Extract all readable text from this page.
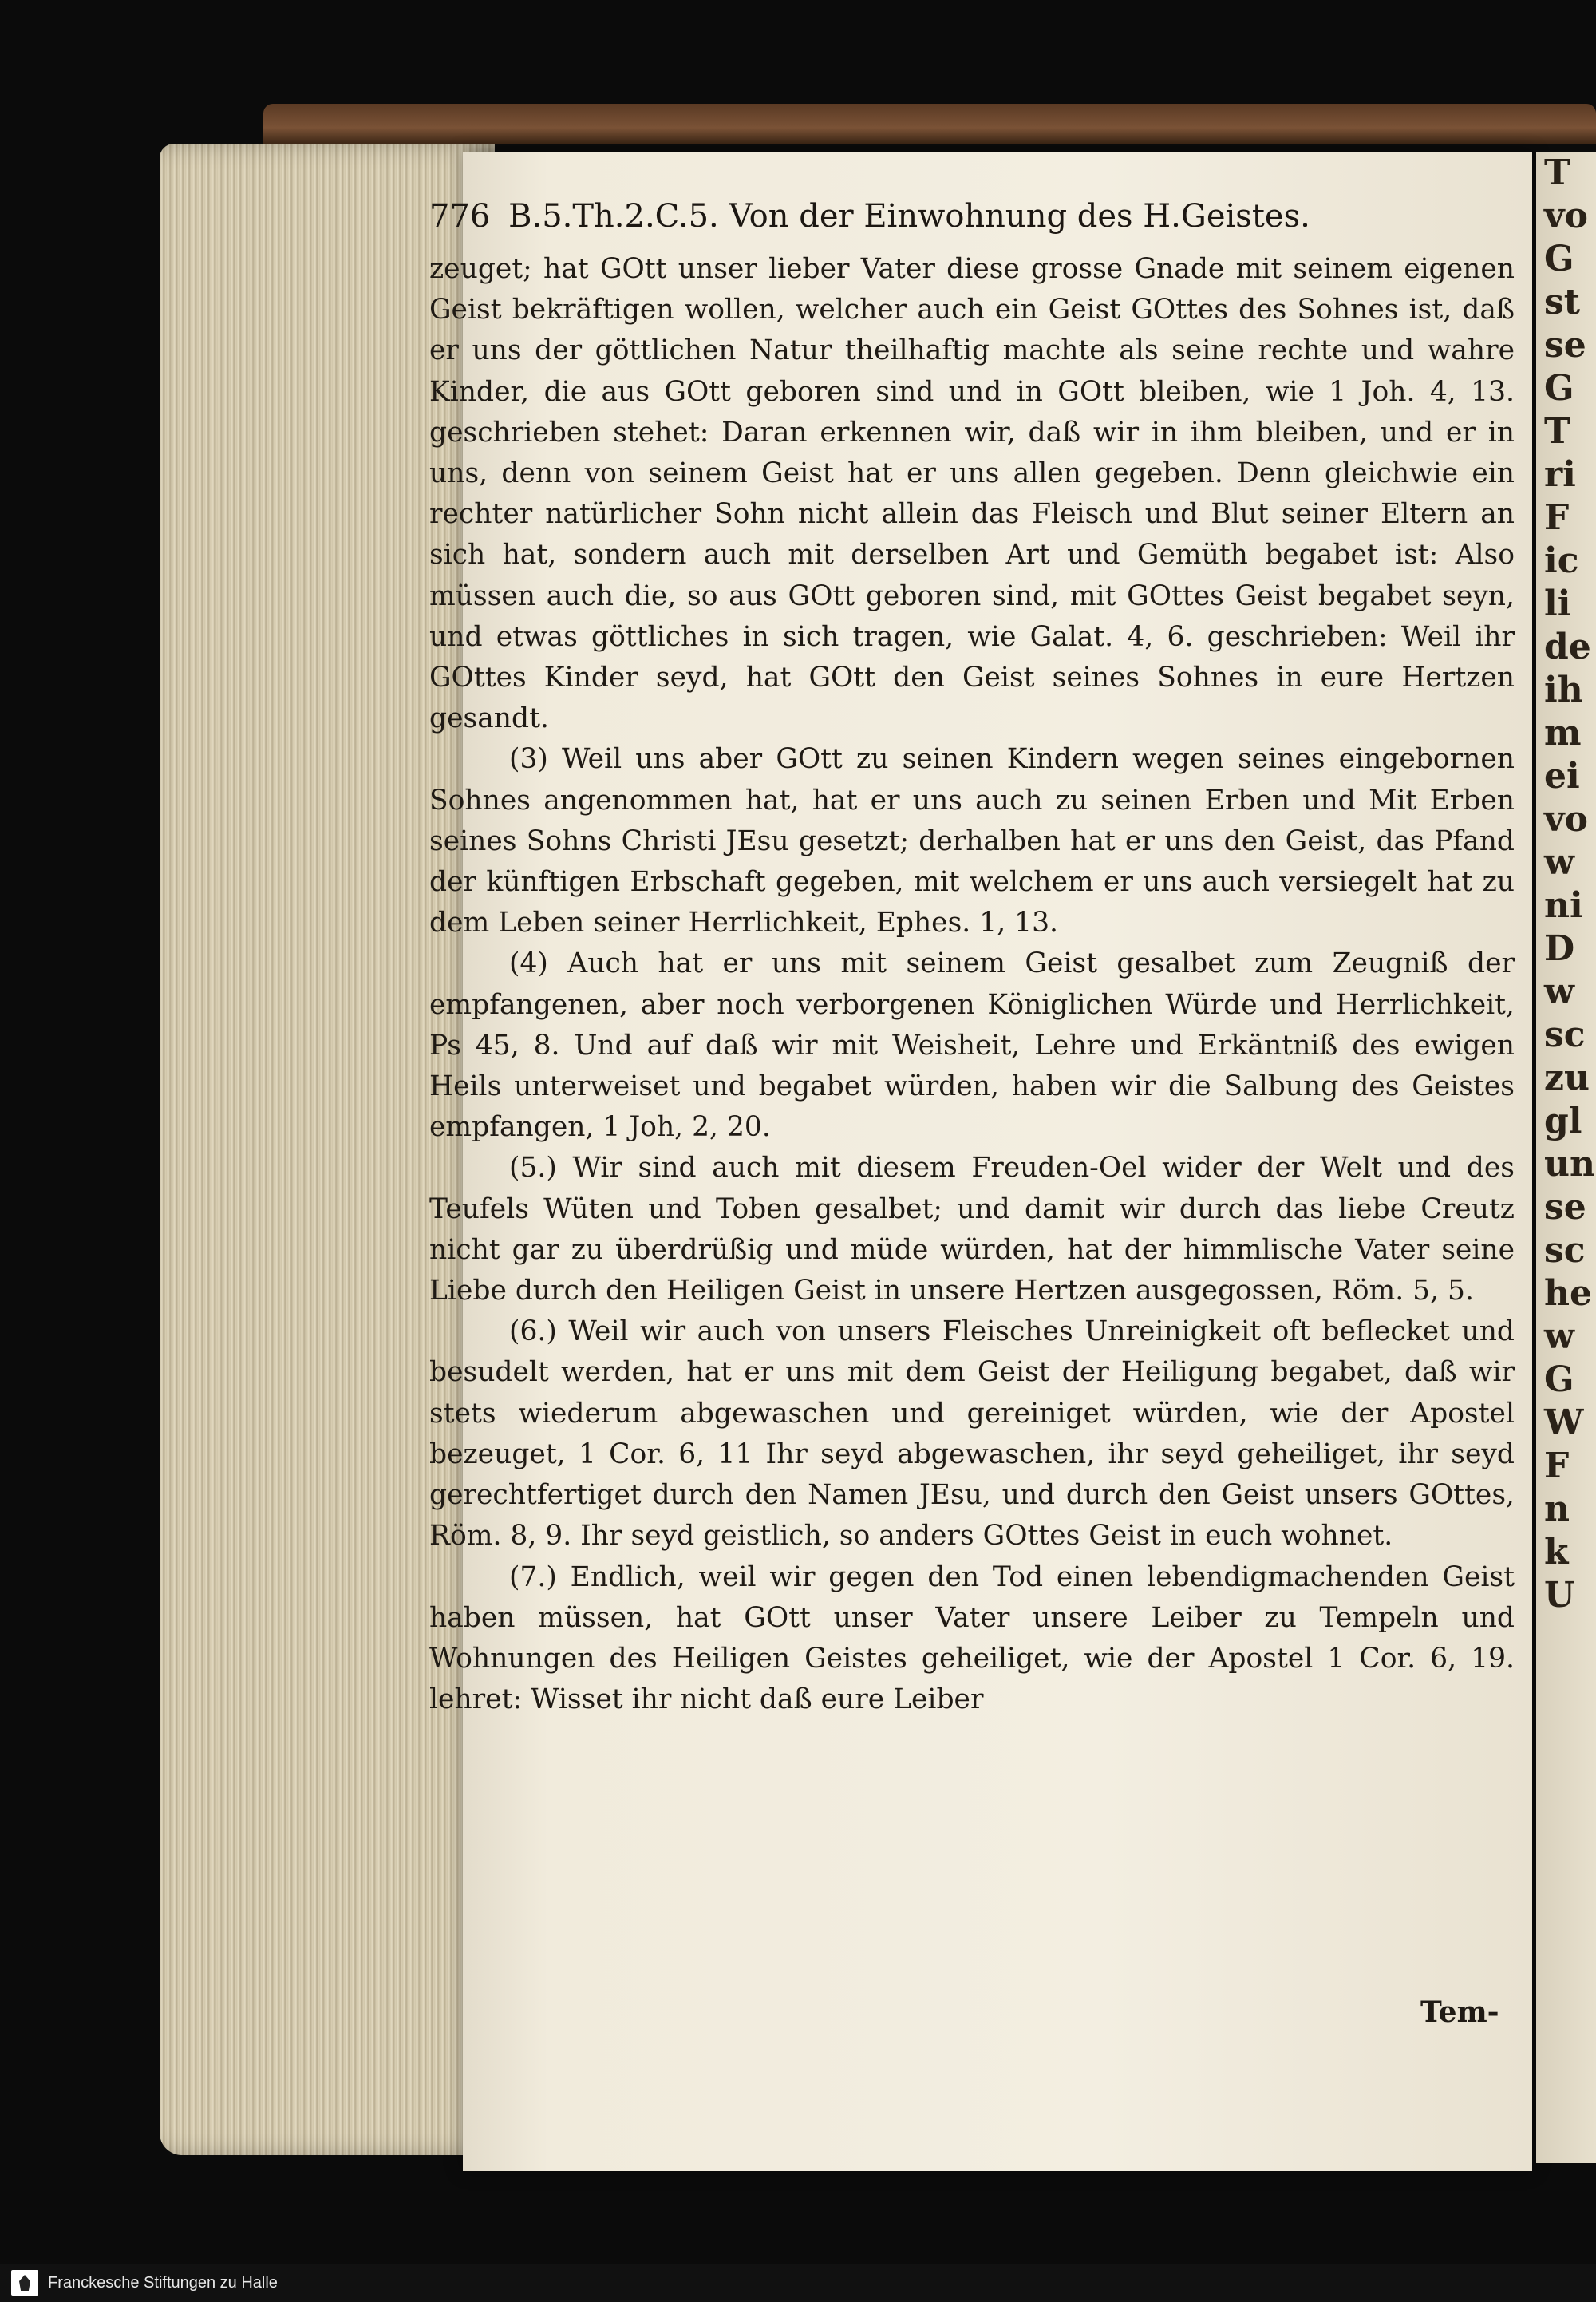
T
vo
G
st
se
G
T
ri
F
ic
li
de
ih
m
ei
vo
w
ni
D
w
sc
zu
gl
un
se
sc
he
w
G
W
F
n
k
U
776 B.5.Th.2.C.5. Von der Einwohnung des H.Geistes.

zeuget; hat GOtt unser lieber Vater diese grosse Gnade mit seinem eigenen Geist bekräftigen wollen, welcher auch ein Geist GOttes des Sohnes ist, daß er uns der göttlichen Natur theilhaftig machte als seine rechte und wahre Kinder, die aus GOtt geboren sind und in GOtt bleiben, wie 1 Joh. 4, 13. geschrieben stehet: Daran erkennen wir, daß wir in ihm bleiben, und er in uns, denn von seinem Geist hat er uns allen gegeben. Denn gleichwie ein rechter natürlicher Sohn nicht allein das Fleisch und Blut seiner Eltern an sich hat, sondern auch mit derselben Art und Gemüth begabet ist: Also müssen auch die, so aus GOtt geboren sind, mit GOttes Geist begabet seyn, und etwas göttliches in sich tragen, wie Galat. 4, 6. geschrieben: Weil ihr GOttes Kinder seyd, hat GOtt den Geist seines Sohnes in eure Hertzen gesandt.

(3) Weil uns aber GOtt zu seinen Kindern wegen seines eingebornen Sohnes angenommen hat, hat er uns auch zu seinen Erben und Mit Erben seines Sohns Christi JEsu gesetzt; derhalben hat er uns den Geist, das Pfand der künftigen Erbschaft gegeben, mit welchem er uns auch versiegelt hat zu dem Leben seiner Herrlichkeit, Ephes. 1, 13.

(4) Auch hat er uns mit seinem Geist gesalbet zum Zeugniß der empfangenen, aber noch verborgenen Königlichen Würde und Herrlichkeit, Ps 45, 8. Und auf daß wir mit Weisheit, Lehre und Erkäntniß des ewigen Heils unterweiset und begabet würden, haben wir die Salbung des Geistes empfangen, 1 Joh, 2, 20.

(5.) Wir sind auch mit diesem Freuden-Oel wider der Welt und des Teufels Wüten und Toben gesalbet; und damit wir durch das liebe Creutz nicht gar zu überdrüßig und müde würden, hat der himmlische Vater seine Liebe durch den Heiligen Geist in unsere Hertzen ausgegossen, Röm. 5, 5.

(6.) Weil wir auch von unsers Fleisches Unreinigkeit oft beflecket und besudelt werden, hat er uns mit dem Geist der Heiligung begabet, daß wir stets wiederum abgewaschen und gereiniget würden, wie der Apostel bezeuget, 1 Cor. 6, 11 Ihr seyd abgewaschen, ihr seyd geheiliget, ihr seyd gerechtfertiget durch den Namen JEsu, und durch den Geist unsers GOttes, Röm. 8, 9. Ihr seyd geistlich, so anders GOttes Geist in euch wohnet.

(7.) Endlich, weil wir gegen den Tod einen lebendigmachenden Geist haben müssen, hat GOtt unser Vater unsere Leiber zu Tempeln und Wohnungen des Heiligen Geistes geheiliget, wie der Apostel 1 Cor. 6, 19. lehret: Wisset ihr nicht daß eure Leiber

Tem-
Franckesche Stiftungen zu Halle
